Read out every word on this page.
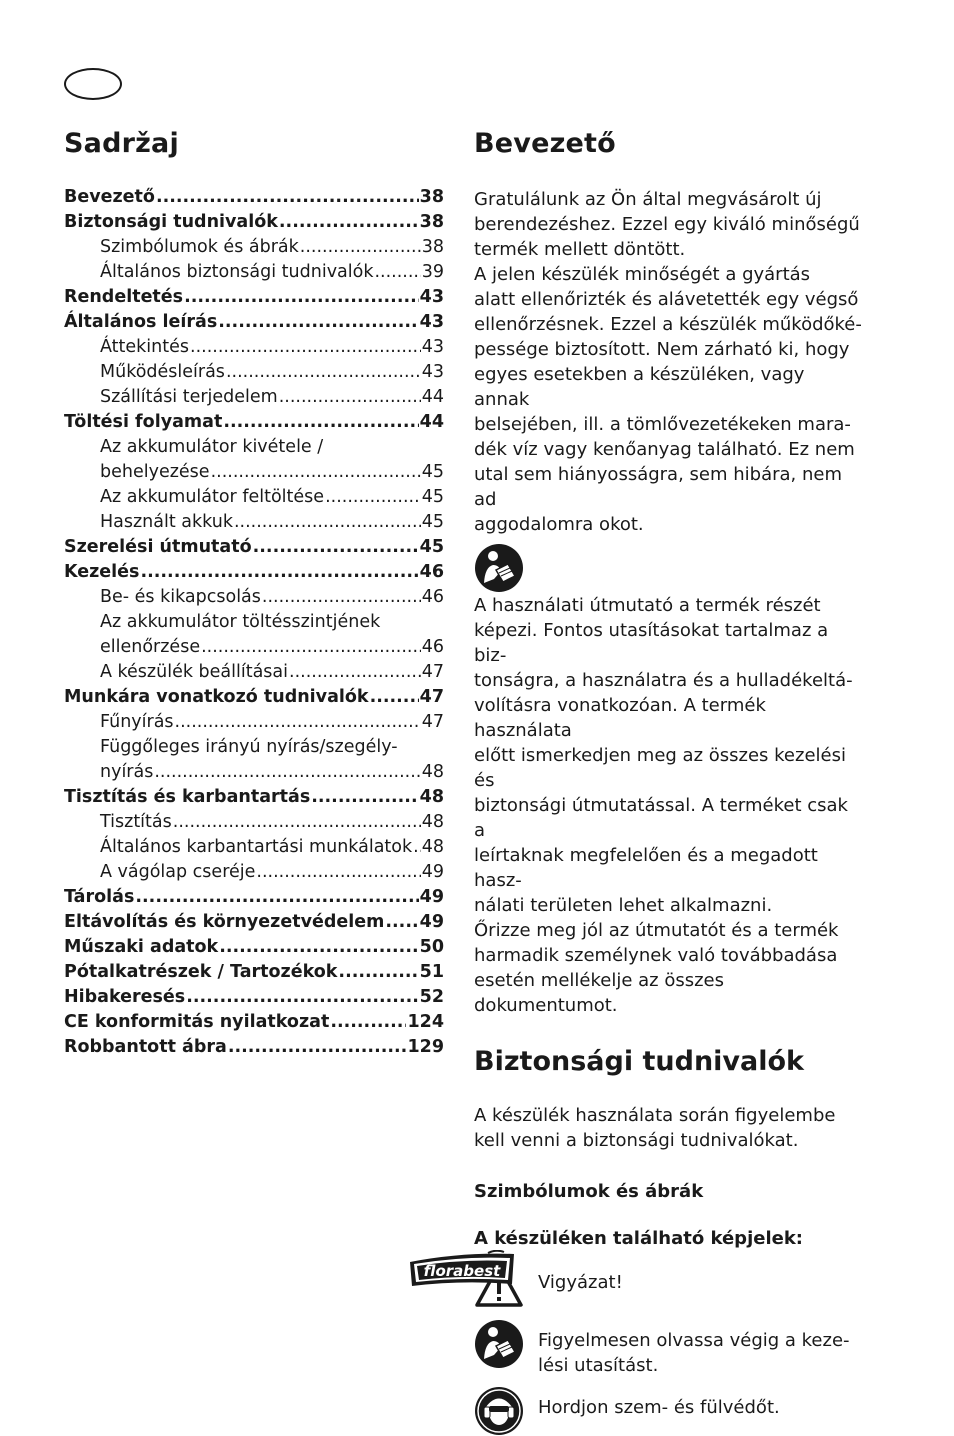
Sadržaj
Bevezető .....	38
Biztonsági tudnivalók .....	38
Szimbólumok és ábrák .....	38
Általános biztonsági tudnivalók .....	39
Rendeltetés .....	43
Általános leírás .....	43
Áttekintés .....	43
Működésleírás .....	43
Szállítási terjedelem .....	44
Töltési folyamat .....	44
Az akkumulátor kivétele /
behelyezése .....	45
Az akkumulátor feltöltése .....	45
Használt akkuk .....	45
Szerelési útmutató .....	45
Kezelés .....	46
Be- és kikapcsolás .....	46
Az akkumulátor töltésszintjének
ellenőrzése .....	46
A készülék beállításai .....	47
Munkára vonatkozó tudnivalók .....	47
Fűnyírás .....	47
Függőleges irányú nyírás/szegély-
nyírás .....	48
Tisztítás és karbantartás .....	48
Tisztítás .....	48
Általános karbantartási munkálatok ..... 48
A vágólap cseréje .....	49
Tárolás .....	49
Eltávolítás és környezetvédelem ..... 49
Műszaki adatok .....	50
Pótalkatrészek / Tartozékok .....	51
Hibakeresés .....	52
CE konformitás nyilatkozat .....	124
Robbantott ábra .....	129
Bevezető
Gratulálunk az Ön által megvásárolt új
berendezéshez. Ezzel egy kiváló minőségű
termék mellett döntött.
A jelen készülék minőségét a gyártás
alatt ellenőrizték és alávetették egy végső
ellenőrzésnek. Ezzel a készülék működőké-
pessége biztosított. Nem zárható ki, hogy
egyes esetekben a készüléken, vagy annak
belsejében, ill. a tömlővezetékeken mara-
dék víz vagy kenőanyag található. Ez nem
utal sem hiányosságra, sem hibára, nem ad
aggodalomra okot.
A használati útmutató a termék részét
képezi. Fontos utasításokat tartalmaz a biz-
tonságra, a használatra és a hulladékeltá-
volításra vonatkozóan. A termék használata
előtt ismerkedjen meg az összes kezelési és
biztonsági útmutatással. A terméket csak a
leírtaknak megfelelően és a megadott hasz-
nálati területen lehet alkalmazni.
Őrizze meg jól az útmutatót és a termék
harmadik személynek való továbbadása
esetén mellékelje az összes dokumentumot.
Biztonsági tudnivalók
A készülék használata során figyelembe
kell venni a biztonsági tudnivalókat.
Szimbólumok és ábrák
A készüléken található képjelek:
Vigyázat!
Figyelmesen olvassa végig a keze-
lési utasítást.
Hordjon szem- és fülvédőt.
florabest
